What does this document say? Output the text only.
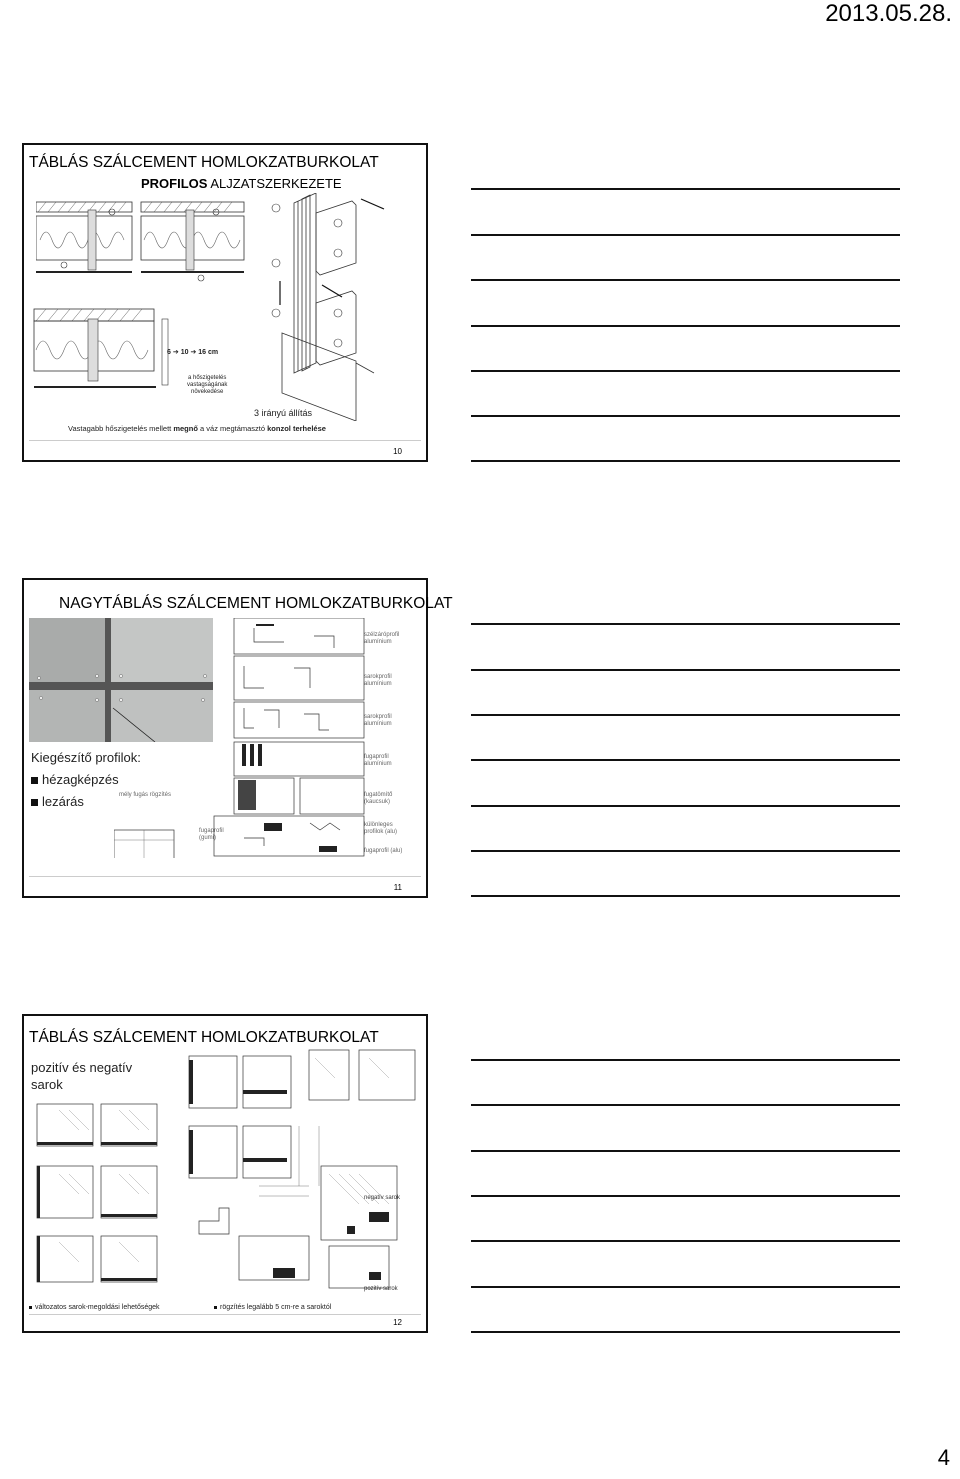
2013.05.28.
TÁBLÁS SZÁLCEMENT HOMLOKZATBURKOLAT
PROFILOS ALJZATSZERKEZETE
6 ➔ 10 ➔ 16 cm
a hőszigetelés
vastagságának
növekedése
3 irányú állítás
Vastagabb hőszigetelés mellett megnő a váz megtámasztó konzol terhelése
10
NAGYTÁBLÁS SZÁLCEMENT HOMLOKZATBURKOLAT
Kiegészítő profilok:
hézagképzés
lezárás
szélzáróprofil
alumínium
sarokprofil
alumínium
sarokprofil
alumínium
fugaprofil
alumínium
fugatömítő
(kaucsuk)
különleges
profilok (alu)
fugaprofil (alu)
fugaprofil
(gumi)
mély fugás rögzítés
11
TÁBLÁS SZÁLCEMENT HOMLOKZATBURKOLAT
pozitív és negatív
sarok
negatív sarok
pozitív sarok
változatos sarok-megoldási lehetőségek	rögzítés legalább 5 cm-re a saroktól
12
4
